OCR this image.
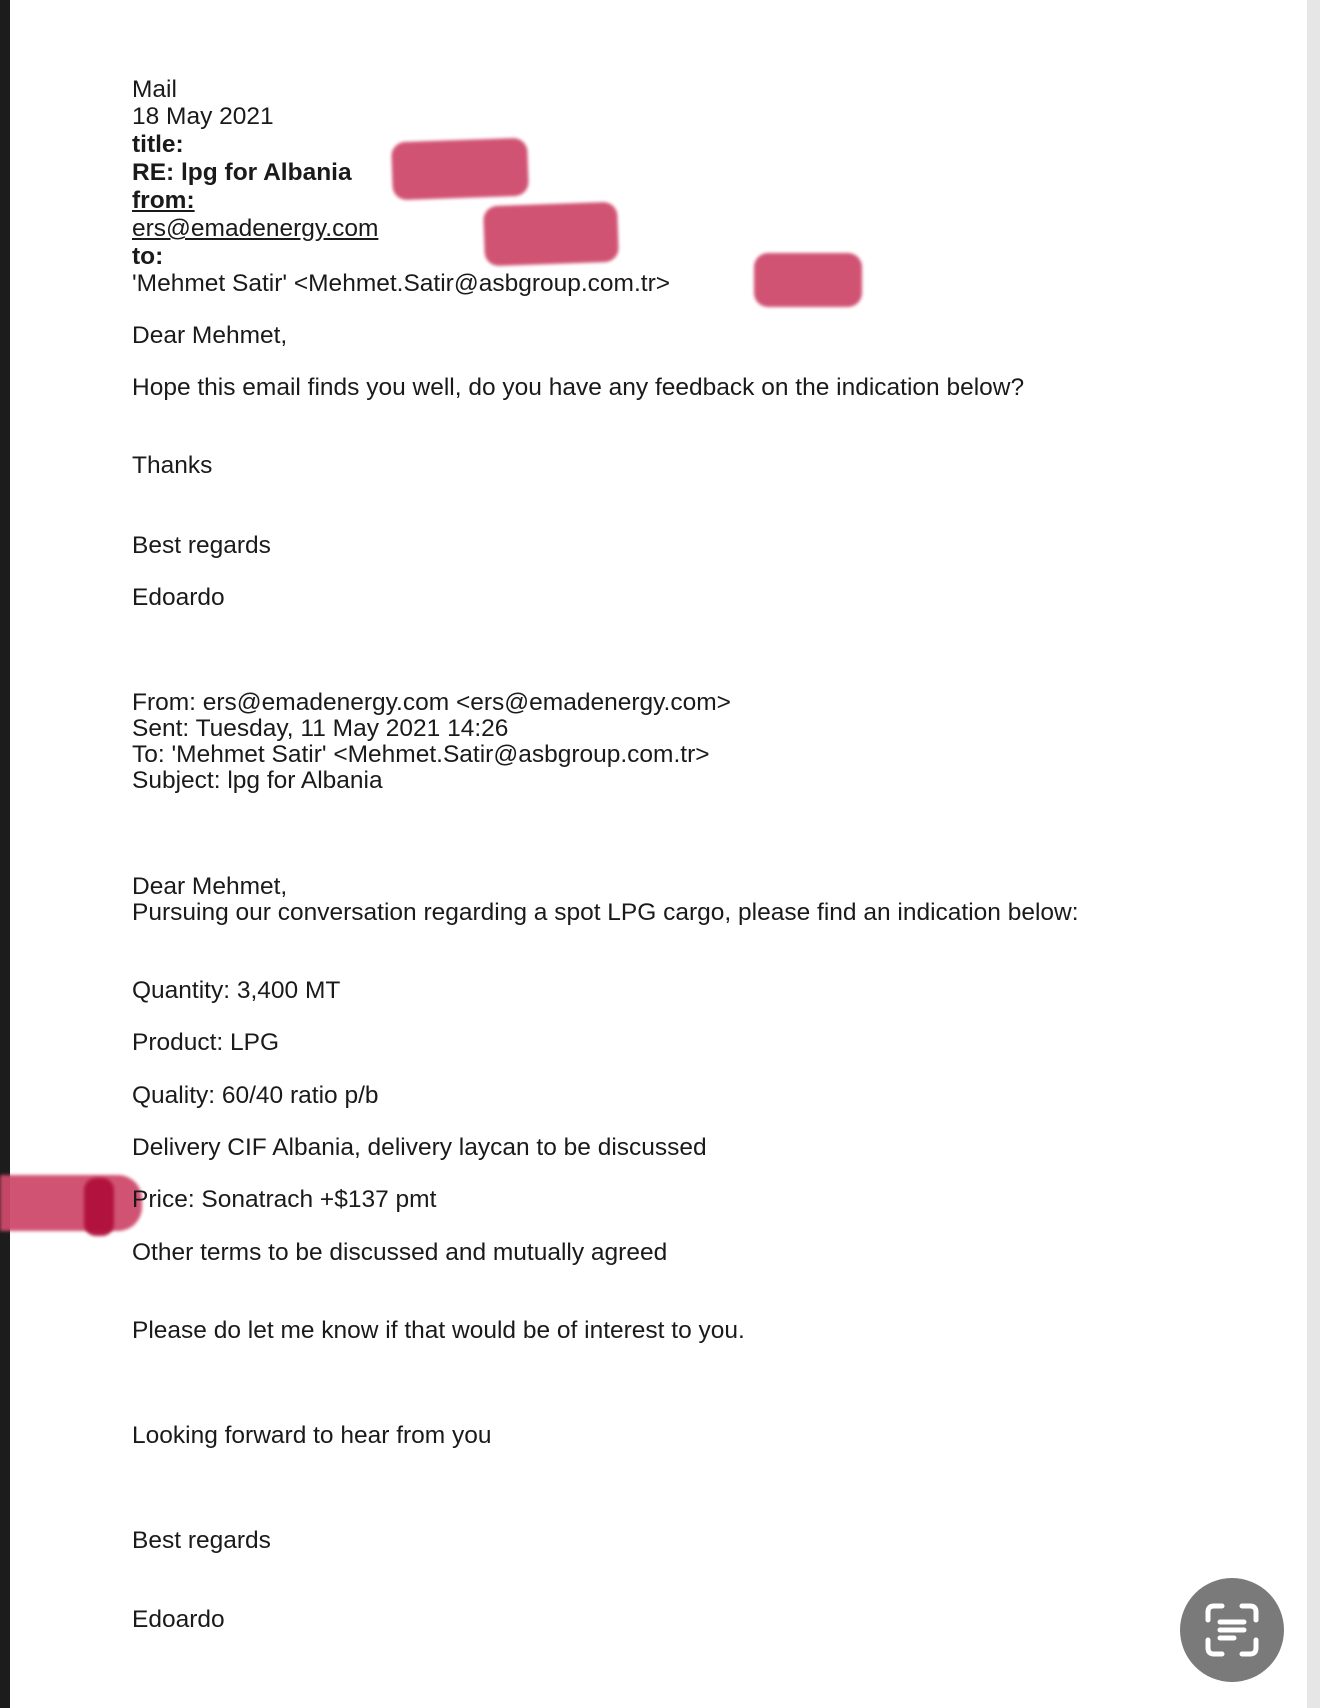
Mail

18 May 2021

title:

RE: lpg for Albania

from:

ers@emadenergy.com

to:

'Mehmet Satir' <Mehmet.Satir@asbgroup.com.tr>

Dear Mehmet,

Hope this email finds you well, do you have any feedback on the indication below?

Thanks

Best regards

Edoardo

From: ers@emadenergy.com <ers@emadenergy.com>

Sent: Tuesday, 11 May 2021 14:26

To: 'Mehmet Satir' <Mehmet.Satir@asbgroup.com.tr>

Subject: lpg for Albania

Dear Mehmet,

Pursuing our conversation regarding a spot LPG cargo, please find an indication below:

Quantity: 3,400 MT

Product: LPG

Quality: 60/40 ratio p/b

Delivery CIF Albania, delivery laycan to be discussed

Price: Sonatrach +$137 pmt

Other terms to be discussed and mutually agreed

Please do let me know if that would be of interest to you.

Looking forward to hear from you

Best regards

Edoardo
